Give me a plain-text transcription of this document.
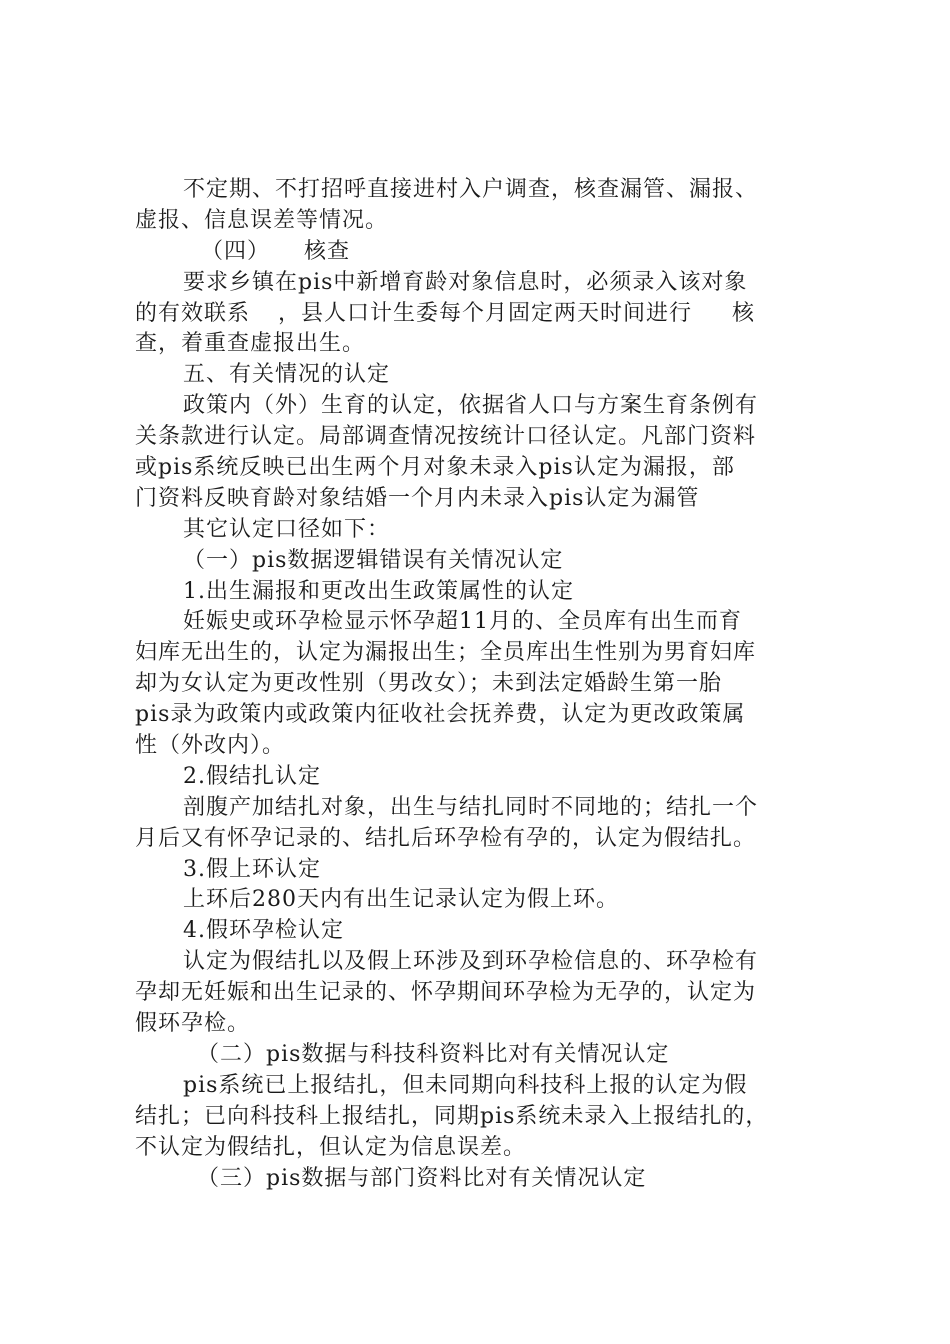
不定期、不打招呼直接进村入户调查，核查漏管、漏报、
虚报、信息误差等情况。
（四） 核查
要求乡镇在pis中新增育龄对象信息时，必须录入该对象
的有效联系 ，县人口计生委每个月固定两天时间进行 核
查，着重查虚报出生。
五、有关情况的认定
政策内（外）生育的认定，依据省人口与方案生育条例有
关条款进行认定。局部调查情况按统计口径认定。凡部门资料
或pis系统反映已出生两个月对象未录入pis认定为漏报，部
门资料反映育龄对象结婚一个月内未录入pis认定为漏管
其它认定口径如下：
（一）pis数据逻辑错误有关情况认定
1.出生漏报和更改出生政策属性的认定
妊娠史或环孕检显示怀孕超11月的、全员库有出生而育
妇库无出生的，认定为漏报出生；全员库出生性别为男育妇库
却为女认定为更改性别（男改女）；未到法定婚龄生第一胎
pis录为政策内或政策内征收社会抚养费，认定为更改政策属
性（外改内）。
2.假结扎认定
剖腹产加结扎对象，出生与结扎同时不同地的；结扎一个
月后又有怀孕记录的、结扎后环孕检有孕的，认定为假结扎。
3.假上环认定
上环后280天内有出生记录认定为假上环。
4.假环孕检认定
认定为假结扎以及假上环涉及到环孕检信息的、环孕检有
孕却无妊娠和出生记录的、怀孕期间环孕检为无孕的，认定为
假环孕检。
（二）pis数据与科技科资料比对有关情况认定
pis系统已上报结扎，但未同期向科技科上报的认定为假
结扎；已向科技科上报结扎，同期pis系统未录入上报结扎的，
不认定为假结扎，但认定为信息误差。
（三）pis数据与部门资料比对有关情况认定
